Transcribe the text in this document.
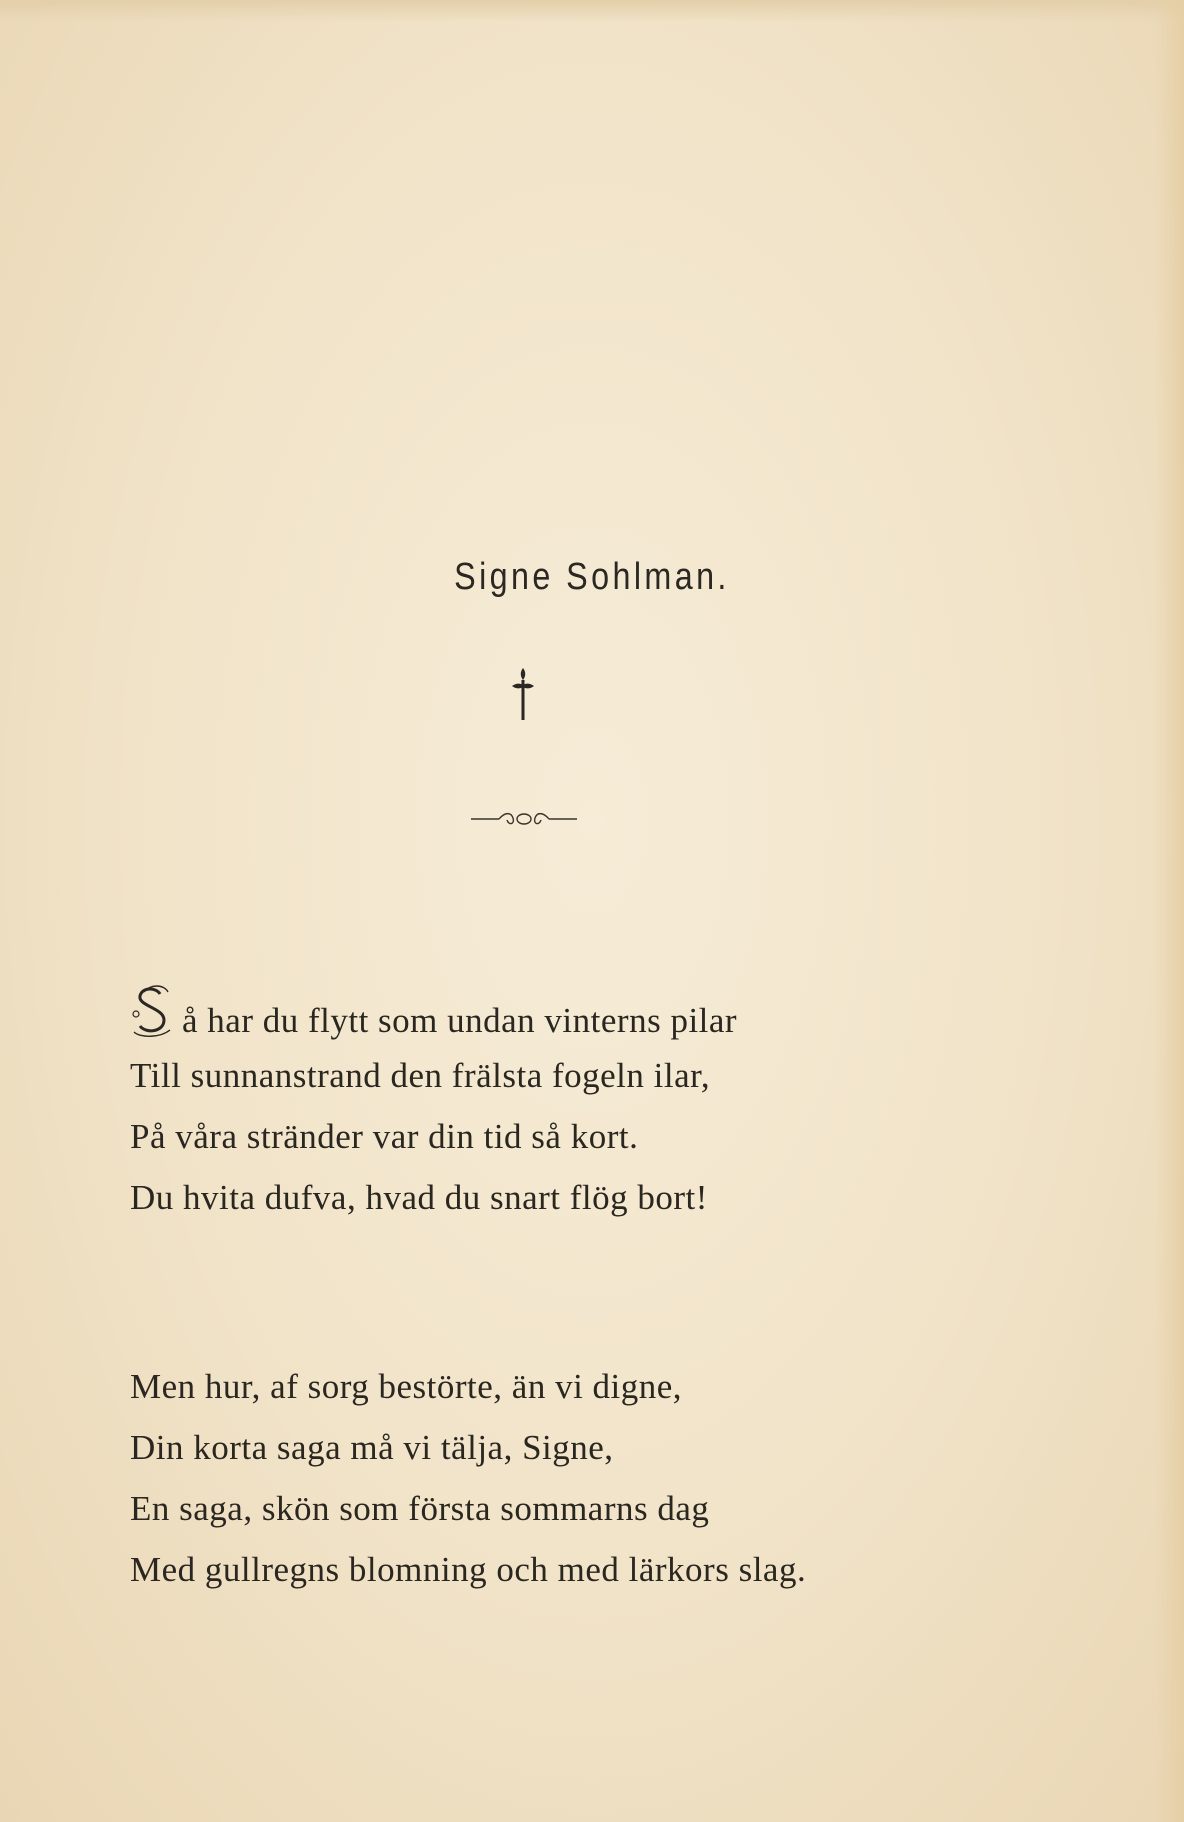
Signe Sohlman.
å har du flytt som undan vinterns pilar
Till sunnanstrand den frälsta fogeln ilar,
På våra stränder var din tid så kort.
Du hvita dufva, hvad du snart flög bort!
Men hur, af sorg bestörte, än vi digne,
Din korta saga må vi tälja, Signe,
En saga, skön som första sommarns dag
Med gullregns blomning och med lärkors slag.
